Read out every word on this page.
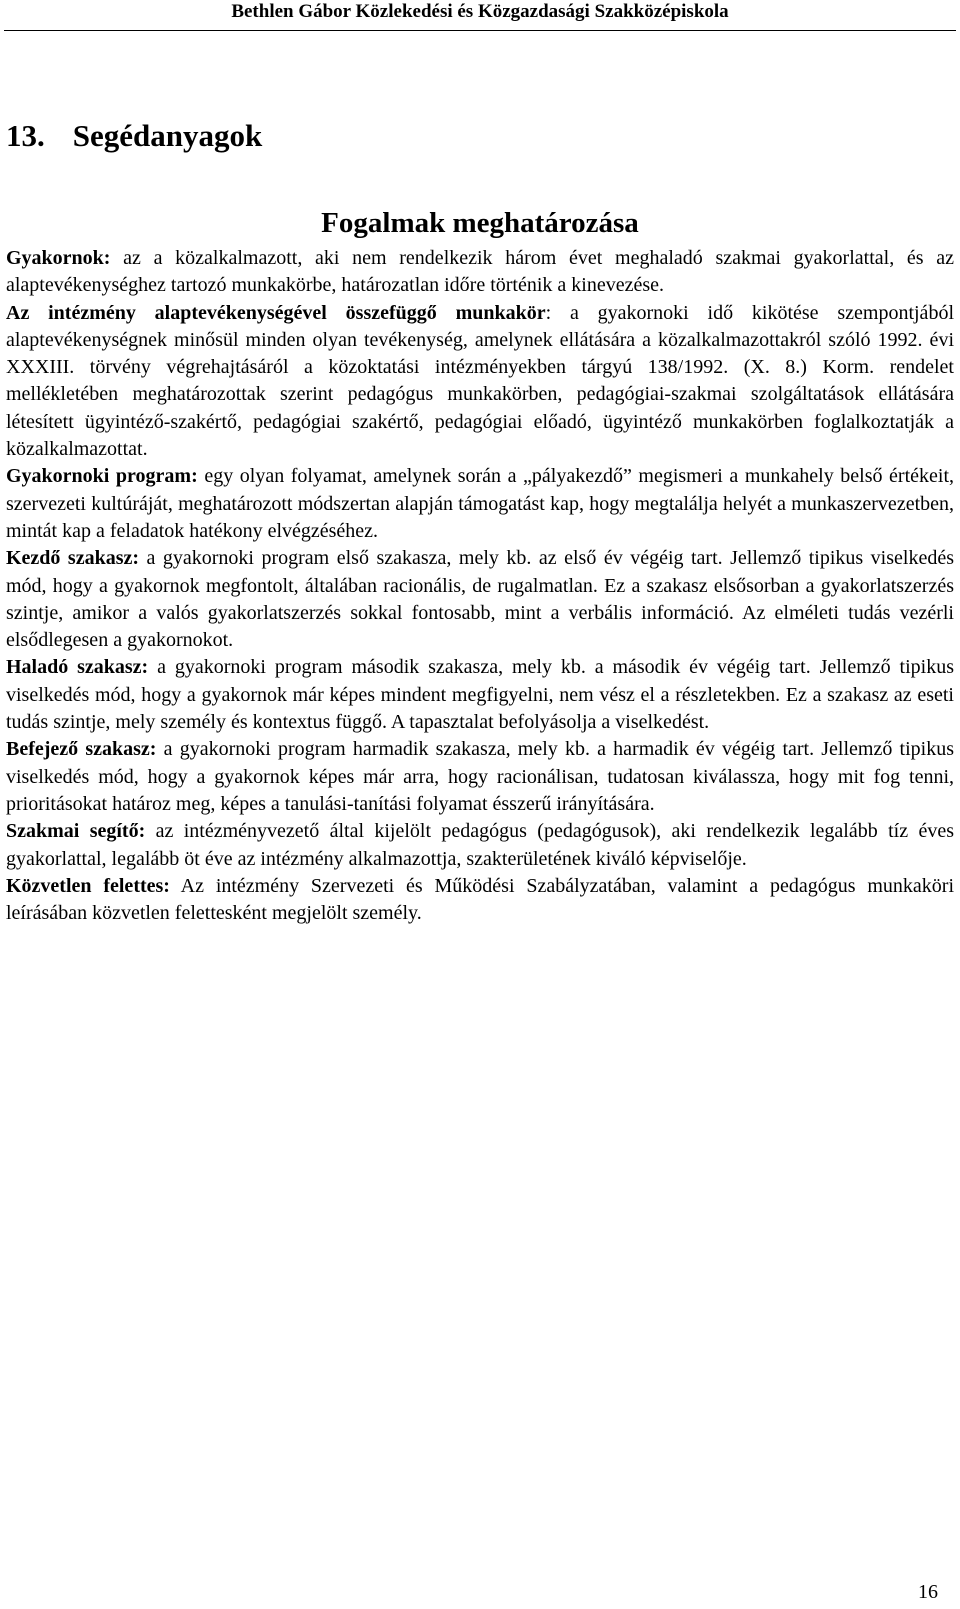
Bethlen Gábor Közlekedési és Közgazdasági Szakközépiskola
13. Segédanyagok
Fogalmak meghatározása

Gyakornok: az a közalkalmazott, aki nem rendelkezik három évet meghaladó szakmai gyakorlattal, és az alaptevékenységhez tartozó munkakörbe, határozatlan időre történik a kinevezése.

Az intézmény alaptevékenységével összefüggő munkakör: a gyakornoki idő kikötése szempontjából alaptevékenységnek minősül minden olyan tevékenység, amelynek ellátására a közalkalmazottakról szóló 1992. évi XXXIII. törvény végrehajtásáról a közoktatási intézményekben tárgyú 138/1992. (X. 8.) Korm. rendelet mellékletében meghatározottak szerint pedagógus munkakörben, pedagógiai-szakmai szolgáltatások ellátására létesített ügyintéző-szakértő, pedagógiai szakértő, pedagógiai előadó, ügyintéző munkakörben foglalkoztatják a közalkalmazottat.

Gyakornoki program: egy olyan folyamat, amelynek során a „pályakezdő” megismeri a munkahely belső értékeit, szervezeti kultúráját, meghatározott módszertan alapján támogatást kap, hogy megtalálja helyét a munkaszervezetben, mintát kap a feladatok hatékony elvégzéséhez.

Kezdő szakasz: a gyakornoki program első szakasza, mely kb. az első év végéig tart. Jellemző tipikus viselkedés mód, hogy a gyakornok megfontolt, általában racionális, de rugalmatlan. Ez a szakasz elsősorban a gyakorlatszerzés szintje, amikor a valós gyakorlatszerzés sokkal fontosabb, mint a verbális információ. Az elméleti tudás vezérli elsődlegesen a gyakornokot.

Haladó szakasz: a gyakornoki program második szakasza, mely kb. a második év végéig tart. Jellemző tipikus viselkedés mód, hogy a gyakornok már képes mindent megfigyelni, nem vész el a részletekben. Ez a szakasz az eseti tudás szintje, mely személy és kontextus függő. A tapasztalat befolyásolja a viselkedést.

Befejező szakasz: a gyakornoki program harmadik szakasza, mely kb. a harmadik év végéig tart. Jellemző tipikus viselkedés mód, hogy a gyakornok képes már arra, hogy racionálisan, tudatosan kiválassza, hogy mit fog tenni, prioritásokat határoz meg, képes a tanulási-tanítási folyamat ésszerű irányítására.

Szakmai segítő: az intézményvezető által kijelölt pedagógus (pedagógusok), aki rendelkezik legalább tíz éves gyakorlattal, legalább öt éve az intézmény alkalmazottja, szakterületének kiváló képviselője.

Közvetlen felettes: Az intézmény Szervezeti és Működési Szabályzatában, valamint a pedagógus munkaköri leírásában közvetlen felettesként megjelölt személy.

16
